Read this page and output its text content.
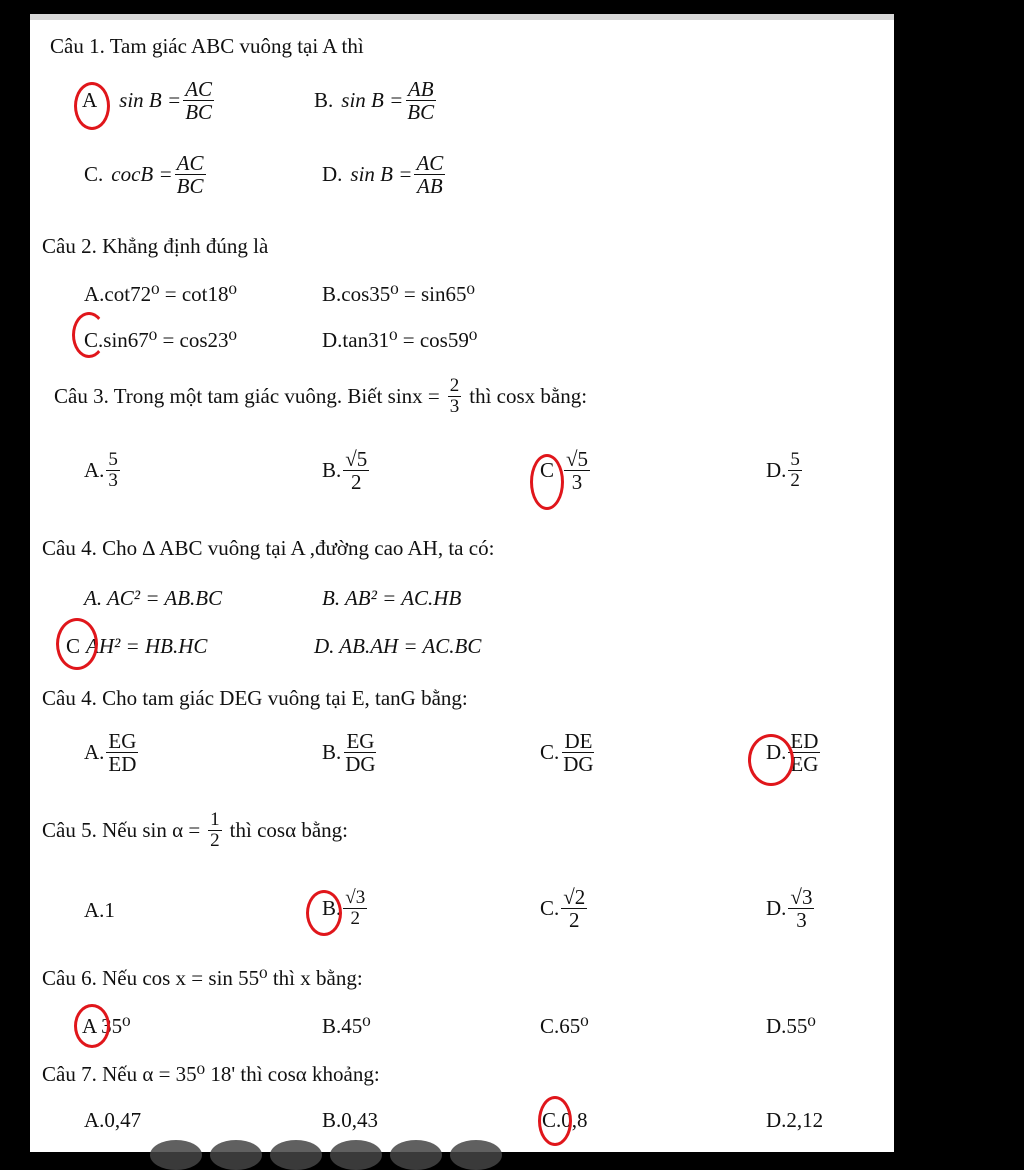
Câu 1. Tam giác ABC vuông tại A thì
A $\sin B = \frac{AC}{BC}$	B. $\sin B = \frac{AB}{BC}$
C. cocB = $\frac{AC}{BC}$	D. $\sin B = \frac{AC}{AB}$
Câu 2. Khẳng định đúng là
A.cot72⁰ = cot18⁰	B.cos35⁰ = sin65⁰
C. sin67⁰ = cos23⁰	D.tan31⁰ = cos59⁰
Câu 3. Trong một tam giác vuông. Biết $\sin x = \frac{2}{3}$ thì cosx bằng:
A. $\frac{5}{3}$	B. $\frac{√5}{2}$	C $\frac{√5}{3}$	D. $\frac{5}{2}$
Câu 4. Cho ∆ ABC vuông tại A ,đường cao AH, ta có:
A. AC² = AB.BC	B. AB² = AC.HB
C AH² = HB.HC	D. AB.AH = AC.BC
Câu 4. Cho tam giác DEG vuông tại E, tanG bằng:
A. $\frac{EG}{ED}$	B. $\frac{EG}{DG}$	C. $\frac{DE}{DG}$	D. $\frac{ED}{EG}$
Câu 5. Nếu $\sin \alpha = \frac{1}{2}$ thì cosα bằng:
A.1	B. $\frac{√3}{2}$	C. $\frac{√2}{2}$	D. $\frac{√3}{3}$
Câu 6. Nếu cos x = sin 55⁰ thì x bằng:
A 35⁰	B.45⁰	C.65⁰	D.55⁰
Câu 7. Nếu α = 35⁰ 18' thì cosα khoảng:
A.0,47	B.0,43	C. 0,8	D.2,12
